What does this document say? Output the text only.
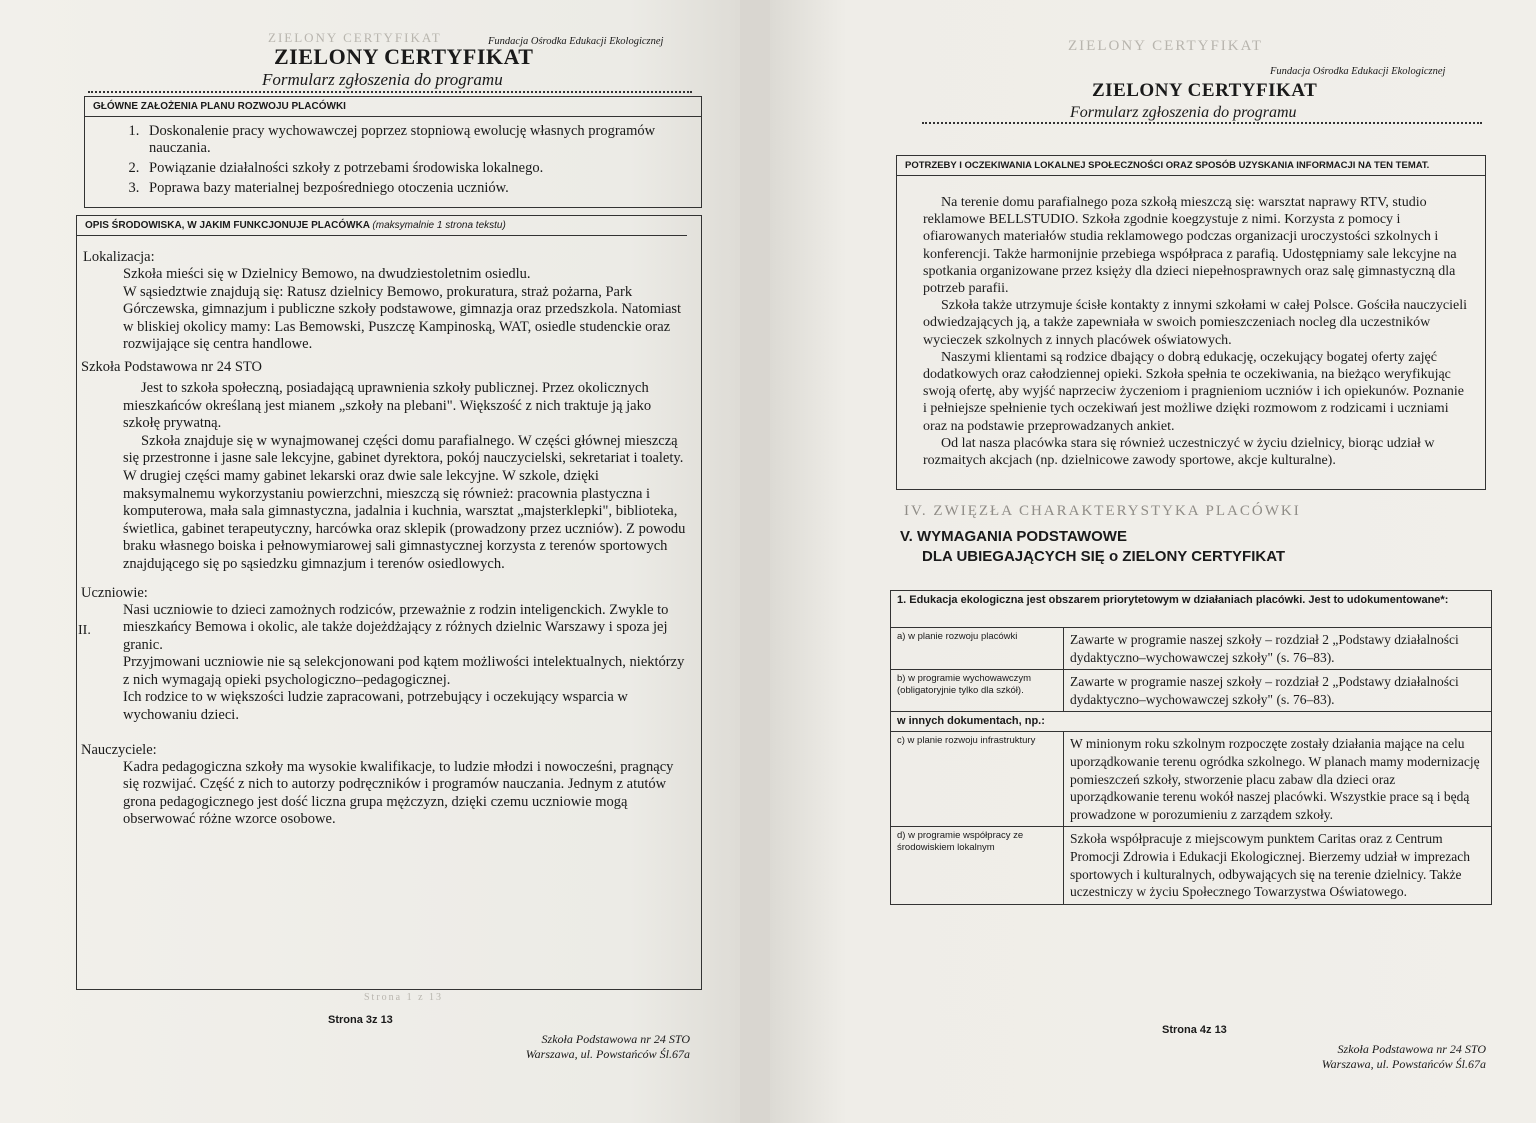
ZIELONY CERTYFIKAT
ZIELONY CERTYFIKAT
Fundacja Ośrodka Edukacji Ekologicznej
Formularz zgłoszenia do programu
GŁÓWNE ZAŁOŻENIA PLANU ROZWOJU PLACÓWKI
1. Doskonalenie pracy wychowawczej poprzez stopniową ewolucję własnych programów nauczania.
2. Powiązanie działalności szkoły z potrzebami środowiska lokalnego.
3. Poprawa bazy materialnej bezpośredniego otoczenia uczniów.
OPIS ŚRODOWISKA, W JAKIM FUNKCJONUJE PLACÓWKA (maksymalnie 1 strona tekstu)
Lokalizacja:
Szkoła mieści się w Dzielnicy Bemowo, na dwudziestoletnim osiedlu.
W sąsiedztwie znajdują się: Ratusz dzielnicy Bemowo, prokuratura, straż pożarna, Park Górczewska, gimnazjum i publiczne szkoły podstawowe, gimnazja oraz przedszkola. Natomiast w bliskiej okolicy mamy: Las Bemowski, Puszczę Kampinoską, WAT, osiedle studenckie oraz rozwijające się centra handlowe.
Szkoła Podstawowa nr 24 STO
Jest to szkoła społeczną, posiadającą uprawnienia szkoły publicznej. Przez okolicznych mieszkańców określaną jest mianem „szkoły na plebani". Większość z nich traktuje ją jako szkołę prywatną.
Szkoła znajduje się w wynajmowanej części domu parafialnego. W części głównej mieszczą się przestronne i jasne sale lekcyjne, gabinet dyrektora, pokój nauczycielski, sekretariat i toalety. W drugiej części mamy gabinet lekarski oraz dwie sale lekcyjne. W szkole, dzięki maksymalnemu wykorzystaniu powierzchni, mieszczą się również: pracownia plastyczna i komputerowa, mała sala gimnastyczna, jadalnia i kuchnia, warsztat „majsterklepki", biblioteka, świetlica, gabinet terapeutyczny, harcówka oraz sklepik (prowadzony przez uczniów). Z powodu braku własnego boiska i pełnowymiarowej sali gimnastycznej korzysta z terenów sportowych znajdującego się po sąsiedzku gimnazjum i terenów osiedlowych.
Uczniowie:
Nasi uczniowie to dzieci zamożnych rodziców, przeważnie z rodzin inteligenckich. Zwykle to mieszkańcy Bemowa i okolic, ale także dojeżdżający z różnych dzielnic Warszawy i spoza jej granic.
Przyjmowani uczniowie nie są selekcjonowani pod kątem możliwości intelektualnych, niektórzy z nich wymagają opieki psychologiczno–pedagogicznej.
Ich rodzice to w większości ludzie zapracowani, potrzebujący i oczekujący wsparcia w wychowaniu dzieci.
Nauczyciele:
Kadra pedagogiczna szkoły ma wysokie kwalifikacje, to ludzie młodzi i nowocześni, pragnący się rozwijać. Część z nich to autorzy podręczników i programów nauczania. Jednym z atutów grona pedagogicznego jest dość liczna grupa mężczyzn, dzięki czemu uczniowie mogą obserwować różne wzorce osobowe.
II.
Strona 1 z 13
Strona 3z 13
Szkoła Podstawowa nr 24 STO
Warszawa, ul. Powstańców Śl.67a
ZIELONY CERTYFIKAT
Fundacja Ośrodka Edukacji Ekologicznej
ZIELONY CERTYFIKAT
Formularz zgłoszenia do programu
POTRZEBY I OCZEKIWANIA LOKALNEJ SPOŁECZNOŚCI ORAZ SPOSÓB UZYSKANIA INFORMACJI NA TEN TEMAT.
Na terenie domu parafialnego poza szkołą mieszczą się: warsztat naprawy RTV, studio reklamowe BELLSTUDIO. Szkoła zgodnie koegzystuje z nimi. Korzysta z pomocy i ofiarowanych materiałów studia reklamowego podczas organizacji uroczystości szkolnych i konferencji. Także harmonijnie przebiega współpraca z parafią. Udostępniamy sale lekcyjne na spotkania organizowane przez księży dla dzieci niepełnosprawnych oraz salę gimnastyczną dla potrzeb parafii.
Szkoła także utrzymuje ścisłe kontakty z innymi szkołami w całej Polsce. Gościła nauczycieli odwiedzających ją, a także zapewniała w swoich pomieszczeniach nocleg dla uczestników wycieczek szkolnych z innych placówek oświatowych.
Naszymi klientami są rodzice dbający o dobrą edukację, oczekujący bogatej oferty zajęć dodatkowych oraz całodziennej opieki. Szkoła spełnia te oczekiwania, na bieżąco weryfikując swoją ofertę, aby wyjść naprzeciw życzeniom i pragnieniom uczniów i ich opiekunów. Poznanie i pełniejsze spełnienie tych oczekiwań jest możliwe dzięki rozmowom z rodzicami i uczniami oraz na podstawie przeprowadzanych ankiet.
Od lat nasza placówka stara się również uczestniczyć w życiu dzielnicy, biorąc udział w rozmaitych akcjach (np. dzielnicowe zawody sportowe, akcje kulturalne).
IV. ZWIĘZŁA CHARAKTERYSTYKA PLACÓWKI
V. WYMAGANIA PODSTAWOWE
DLA UBIEGAJĄCYCH SIĘ o ZIELONY CERTYFIKAT
1. Edukacja ekologiczna jest obszarem priorytetowym w działaniach placówki. Jest to udokumentowane*:	
a) w planie rozwoju placówki	Zawarte w programie naszej szkoły – rozdział 2 „Podstawy działalności dydaktyczno–wychowawczej szkoły" (s. 76–83).
b) w programie wychowawczym (obligatoryjnie tylko dla szkół).	Zawarte w programie naszej szkoły – rozdział 2 „Podstawy działalności dydaktyczno–wychowawczej szkoły" (s. 76–83).
w innych dokumentach, np.:	
c) w planie rozwoju infrastruktury	W minionym roku szkolnym rozpoczęte zostały działania mające na celu uporządkowanie terenu ogródka szkolnego. W planach mamy modernizację pomieszczeń szkoły, stworzenie placu zabaw dla dzieci oraz uporządkowanie terenu wokół naszej placówki. Wszystkie prace są i będą prowadzone w porozumieniu z zarządem szkoły.
d) w programie współpracy ze środowiskiem lokalnym	Szkoła współpracuje z miejscowym punktem Caritas oraz z Centrum Promocji Zdrowia i Edukacji Ekologicznej. Bierzemy udział w imprezach sportowych i kulturalnych, odbywających się na terenie dzielnicy. Także uczestniczy w życiu Społecznego Towarzystwa Oświatowego.
Strona 4z 13
Szkoła Podstawowa nr 24 STO
Warszawa, ul. Powstańców Śl.67a
